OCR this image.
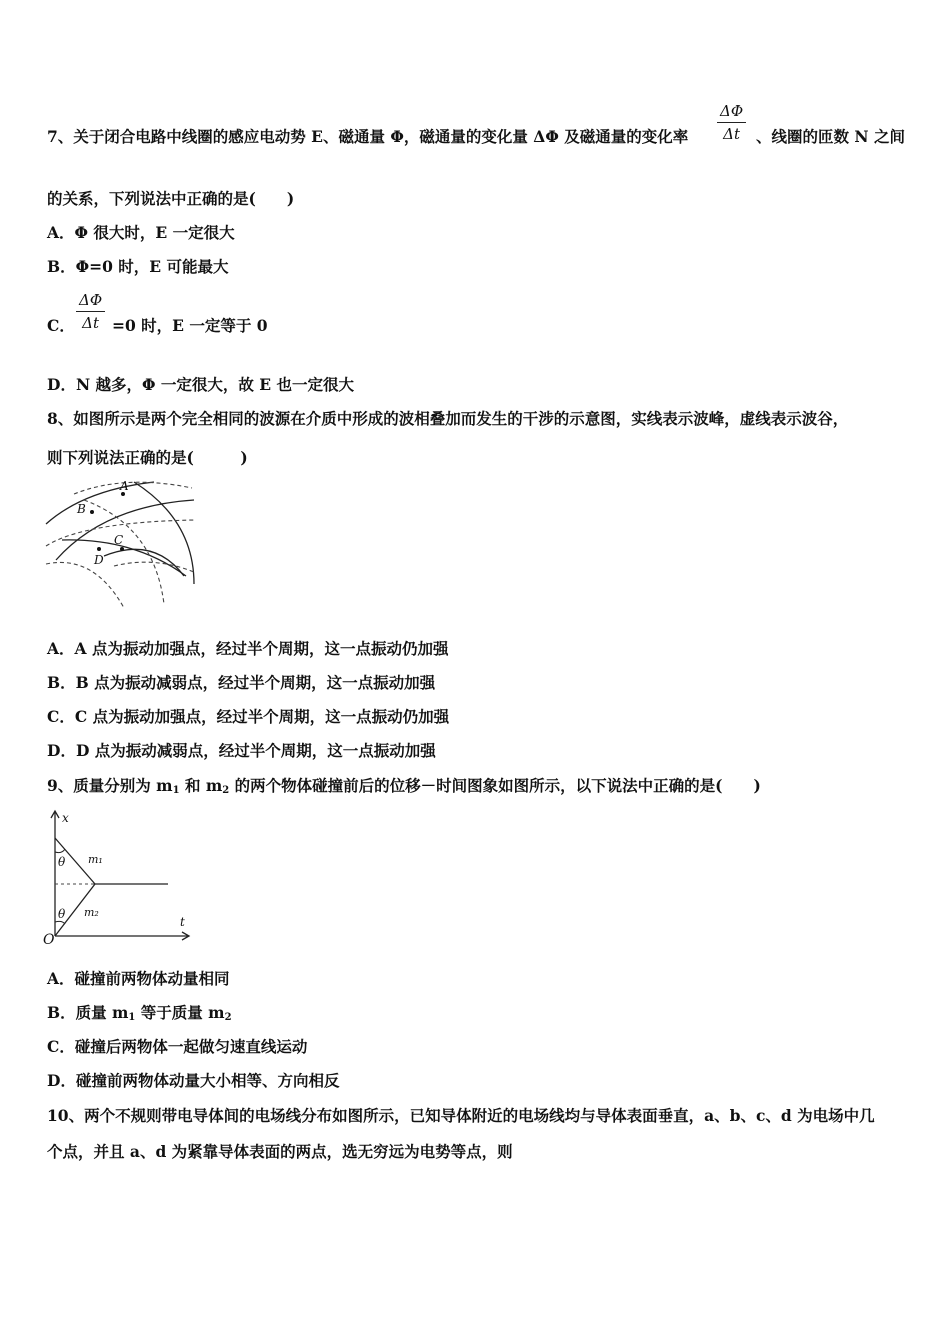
7、关于闭合电路中线圈的感应电动势 E、磁通量 Φ，磁通量的变化量 ΔΦ 及磁通量的变化率 $\frac{\Delta\Phi}{\Delta t}$ 、线圈的匝数 N 之间
的关系，下列说法中正确的是(　　)
A．Φ 很大时，E 一定很大
B．Φ=0 时，E 可能最大
C． $\frac{\Delta\Phi}{\Delta t} =0$ 时，E 一定等于 0
D．N 越多，Φ 一定很大，故 E 也一定很大
8、如图所示是两个完全相同的波源在介质中形成的波相叠加而发生的干涉的示意图，实线表示波峰，虚线表示波谷，
则下列说法正确的是(　　　)
A
B
C
D
A．A 点为振动加强点，经过半个周期，这一点振动仍加强
B．B 点为振动减弱点，经过半个周期，这一点振动加强
C．C 点为振动加强点，经过半个周期，这一点振动仍加强
D．D 点为振动减弱点，经过半个周期，这一点振动加强
9、质量分别为 $m_1$ 和 $m_2$ 的两个物体碰撞前后的位移－时间图象如图所示，以下说法中正确的是(　　)
x
t
O
θ
θ
m₁
m₂
A．碰撞前两物体动量相同
B．质量 $m_1$ 等于质量 $m_2$
C．碰撞后两物体一起做匀速直线运动
D．碰撞前两物体动量大小相等、方向相反
10、两个不规则带电导体间的电场线分布如图所示，已知导体附近的电场线均与导体表面垂直，a、b、c、d 为电场中几
个点，并且 a、d 为紧靠导体表面的两点，选无穷远为电势等点，则
